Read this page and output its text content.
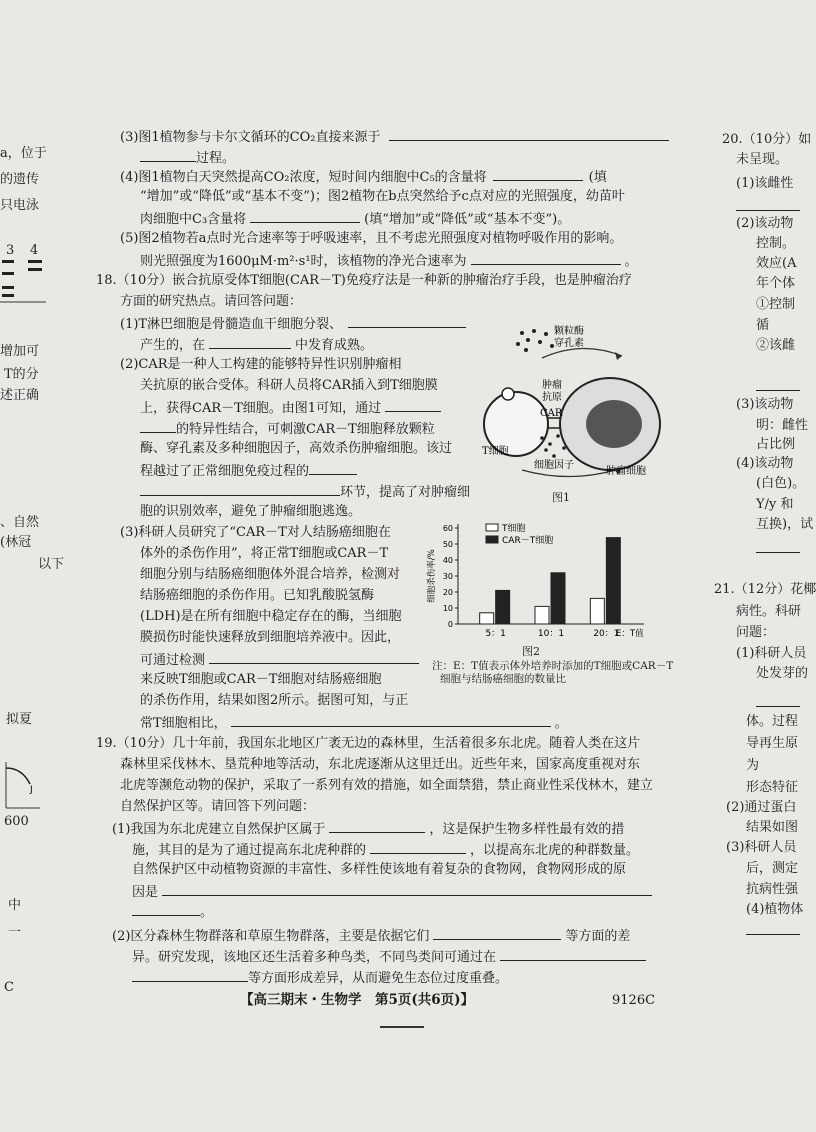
a，位于
的遗传
只电泳
3 4
增加可
T的分
述正确
、自然
(林冠
以下
拟夏
J
600
中
一
C
20.（10分）如
未呈现。
(1)该雌性
(2)该动物
控制。
效应(A
年个体
①控制
循
②该雌
(3)该动物
明：雌性
占比例
(4)该动物
(白色)。
Y/y 和
互换)，试
21.（12分）花椰
病性。科研
问题：
(1)科研人员
处发芽的
体。过程
导再生原
为
形态特征
(2)通过蛋白
结果如图
(3)科研人员
后，测定
抗病性强
(4)植物体
(3)图1植物参与卡尔文循环的CO₂直接来源于
过程。
(4)图1植物白天突然提高CO₂浓度，短时间内细胞中C₅的含量将	(填
“增加”或“降低”或“基本不变”)；图2植物在b点突然给予c点对应的光照强度，幼苗叶
肉细胞中C₃含量将	(填“增加”或“降低”或“基本不变”)。
(5)图2植物若a点时光合速率等于呼吸速率，且不考虑光照强度对植物呼吸作用的影响。
则光照强度为1600μM·m²·s¹时，该植物的净光合速率为	。
18.（10分）嵌合抗原受体T细胞(CAR－T)免疫疗法是一种新的肿瘤治疗手段，也是肿瘤治疗
方面的研究热点。请回答问题：
(1)T淋巴细胞是骨髓造血干细胞分裂、
产生的，在	中发育成熟。
(2)CAR是一种人工构建的能够特异性识别肿瘤相
关抗原的嵌合受体。科研人员将CAR插入到T细胞膜
上，获得CAR－T细胞。由图1可知，通过
的特异性结合，可刺激CAR－T细胞释放颗粒
酶、穿孔素及多种细胞因子，高效杀伤肿瘤细胞。该过
程越过了正常细胞免疫过程的
环节，提高了对肿瘤细
胞的识别效率，避免了肿瘤细胞逃逸。
颗粒酶
穿孔素
肿瘤
抗原
CAR
T细胞
细胞因子
肿瘤细胞
图1
(3)科研人员研究了“CAR－T对人结肠癌细胞在
体外的杀伤作用”，将正常T细胞或CAR－T
细胞分别与结肠癌细胞体外混合培养，检测对
结肠癌细胞的杀伤作用。已知乳酸脱氢酶
(LDH)是在所有细胞中稳定存在的酶，当细胞
膜损伤时能快速释放到细胞培养液中。因此，
可通过检测
来反映T细胞或CAR－T细胞对结肠癌细胞
的杀伤作用，结果如图2所示。据图可知，与正
常T细胞相比，	。
0
10
20
30
40
50
60
细胞杀伤率/%
5：1	10：1	20：1
E：T值
T细胞
CAR－T细胞
图2
注：E：T值表示体外培养时添加的T细胞或CAR－T
细胞与结肠癌细胞的数量比
19.（10分）几十年前，我国东北地区广袤无边的森林里，生活着很多东北虎。随着人类在这片
森林里采伐林木、垦荒种地等活动，东北虎逐渐从这里迁出。近些年来，国家高度重视对东
北虎等濒危动物的保护，采取了一系列有效的措施，如全面禁猎，禁止商业性采伐林木，建立
自然保护区等。请回答下列问题：
(1)我国为东北虎建立自然保护区属于	，这是保护生物多样性最有效的措
施，其目的是为了通过提高东北虎种群的	，以提高东北虎的种群数量。
自然保护区中动植物资源的丰富性、多样性使该地有着复杂的食物网，食物网形成的原
因是
。
(2)区分森林生物群落和草原生物群落，主要是依据它们	等方面的差
异。研究发现，该地区还生活着多种鸟类，不同鸟类间可通过在
等方面形成差异，从而避免生态位过度重叠。
【高三期末・生物学　第5页(共6页)】	9126C
